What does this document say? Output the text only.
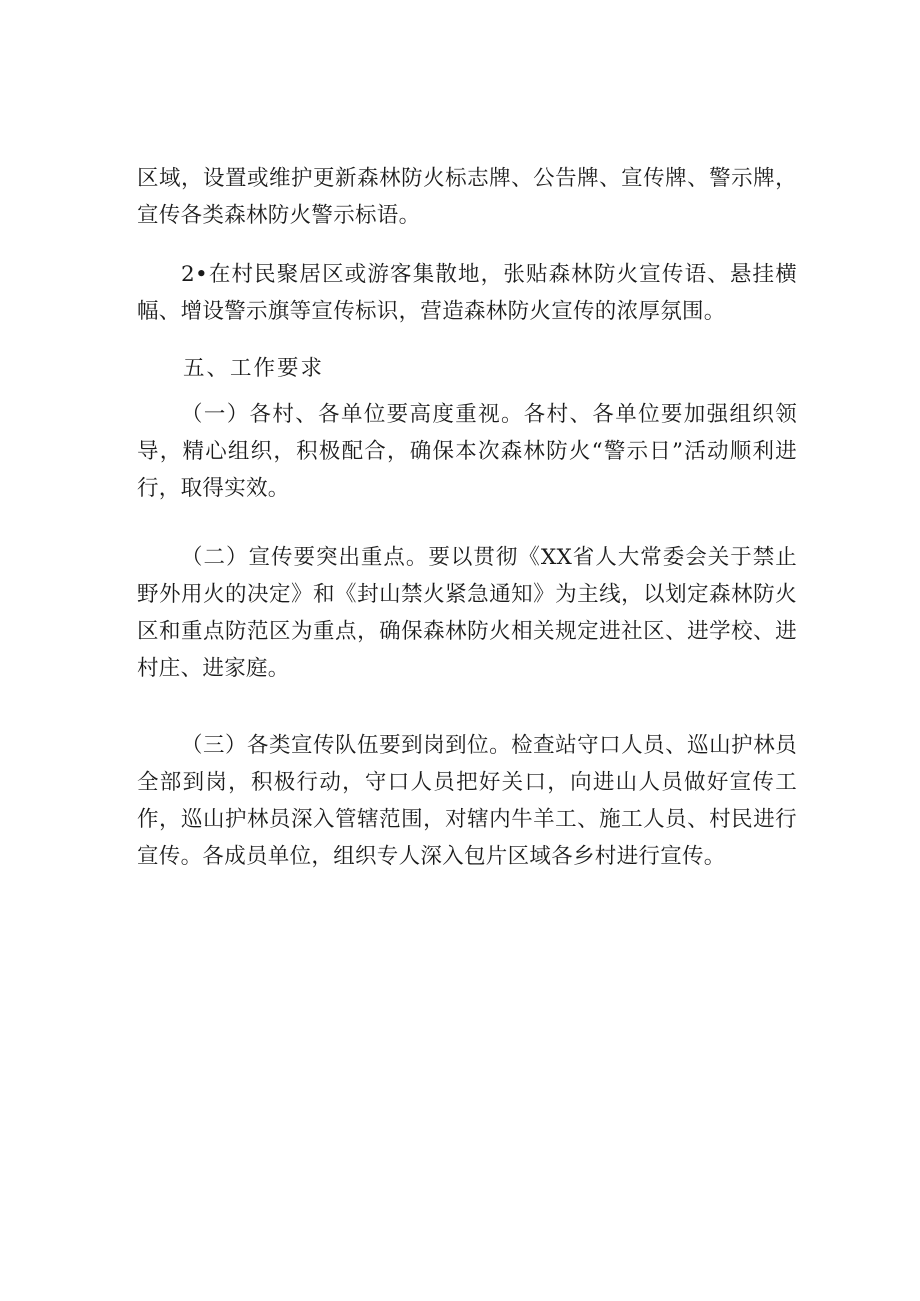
区域，设置或维护更新森林防火标志牌、公告牌、宣传牌、警示牌，宣传各类森林防火警示标语。

2•在村民聚居区或游客集散地，张贴森林防火宣传语、悬挂横幅、增设警示旗等宣传标识，营造森林防火宣传的浓厚氛围。

五、工作要求

（一）各村、各单位要高度重视。各村、各单位要加强组织领导，精心组织，积极配合，确保本次森林防火“警示日”活动顺利进行，取得实效。

（二）宣传要突出重点。要以贯彻《XX省人大常委会关于禁止野外用火的决定》和《封山禁火紧急通知》为主线，以划定森林防火区和重点防范区为重点，确保森林防火相关规定进社区、进学校、进村庄、进家庭。

（三）各类宣传队伍要到岗到位。检查站守口人员、巡山护林员全部到岗，积极行动，守口人员把好关口，向进山人员做好宣传工作，巡山护林员深入管辖范围，对辖内牛羊工、施工人员、村民进行宣传。各成员单位，组织专人深入包片区域各乡村进行宣传。
